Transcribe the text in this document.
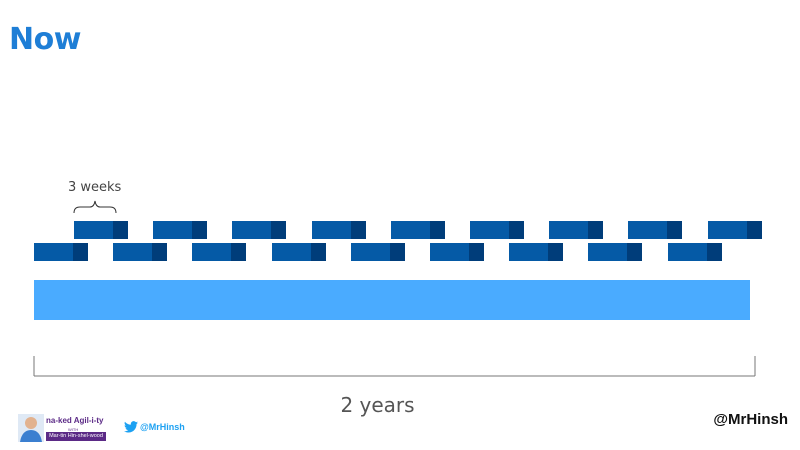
Now
3 weeks
2 years
na-ked Agil-i-ty
WITH
Mar-tin Hin-shel-wood
@MrHinsh	@MrHinsh
